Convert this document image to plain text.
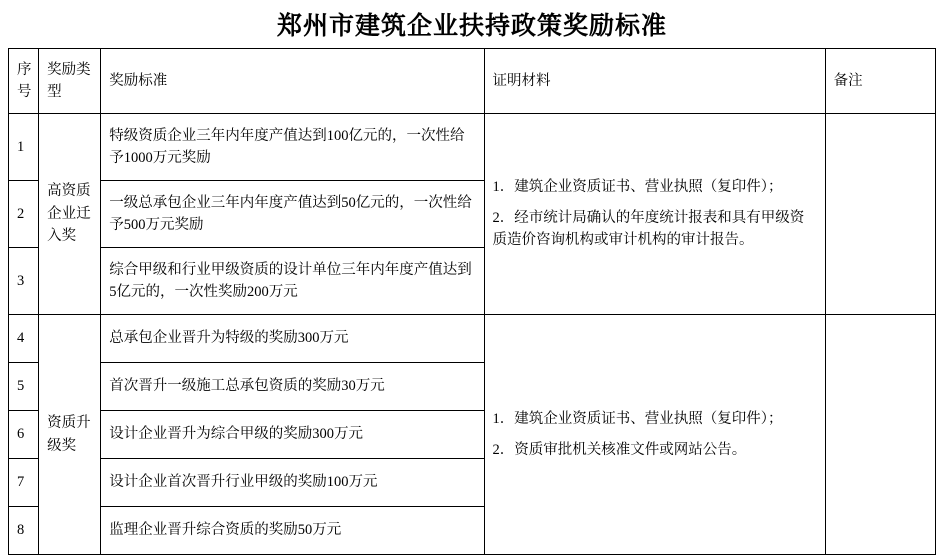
郑州市建筑企业扶持政策奖励标准
序号	奖励类型	奖励标准	证明材料	备注
1	高资质企业迁入奖	特级资质企业三年内年度产值达到100亿元的，一次性给予1000万元奖励	1．建筑企业资质证书、营业执照（复印件）；

2．经市统计局确认的年度统计报表和具有甲级资质造价咨询机构或审计机构的审计报告。	

2		一级总承包企业三年内年度产值达到50亿元的，一次性给予500万元奖励		
3		综合甲级和行业甲级资质的设计单位三年内年度产值达到5亿元的，一次性奖励200万元		
4	资质升级奖	总承包企业晋升为特级的奖励300万元	1．建筑企业资质证书、营业执照（复印件）；

2．资质审批机关核准文件或网站公告。	

5		首次晋升一级施工总承包资质的奖励30万元		
6		设计企业晋升为综合甲级的奖励300万元		
7		设计企业首次晋升行业甲级的奖励100万元		
8		监理企业晋升综合资质的奖励50万元		
